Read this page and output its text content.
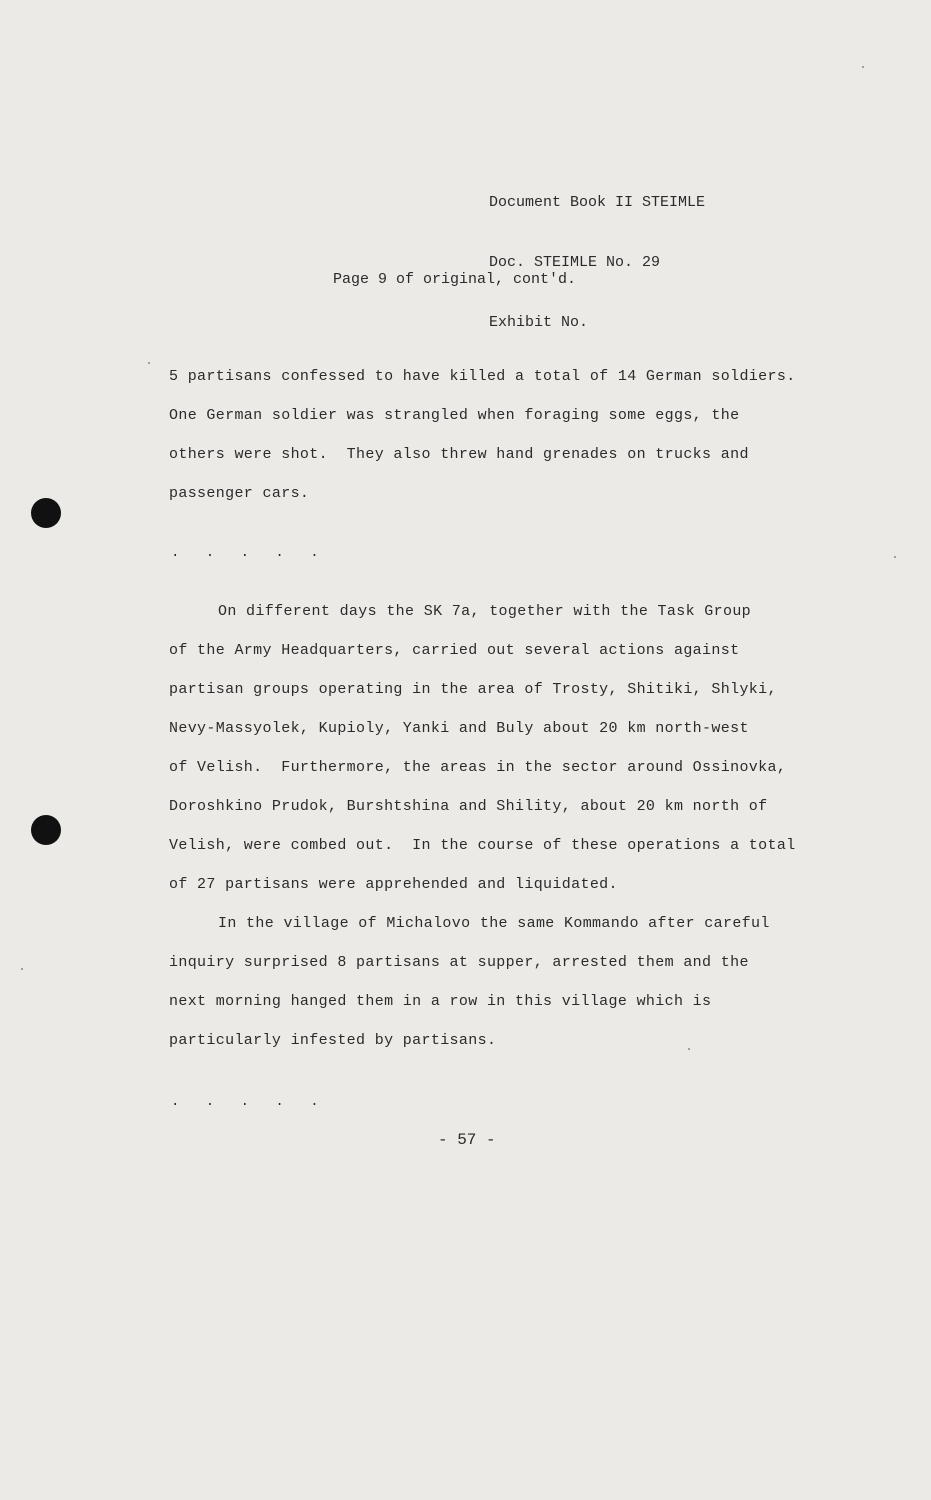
Document Book II STEIMLE

Doc. STEIMLE No. 29

Exhibit No.

Page 9 of original, cont'd.
5 partisans confessed to have killed a total of 14 German soldiers.
One German soldier was strangled when foraging some eggs, the
others were shot.  They also threw hand grenades on trucks and
passenger cars.
. . . . .
On different days the SK 7a, together with the Task Group
of the Army Headquarters, carried out several actions against
partisan groups operating in the area of Trosty, Shitiki, Shlyki,
Nevy-Massyolek, Kupioly, Yanki and Buly about 20 km north-west
of Velish.  Furthermore, the areas in the sector around Ossinovka,
Doroshkino Prudok, Burshtshina and Shility, about 20 km north of
Velish, were combed out.  In the course of these operations a total
of 27 partisans were apprehended and liquidated.
In the village of Michalovo the same Kommando after careful
inquiry surprised 8 partisans at supper, arrested them and the
next morning hanged them in a row in this village which is
particularly infested by partisans.
. . . . .
- 57 -
